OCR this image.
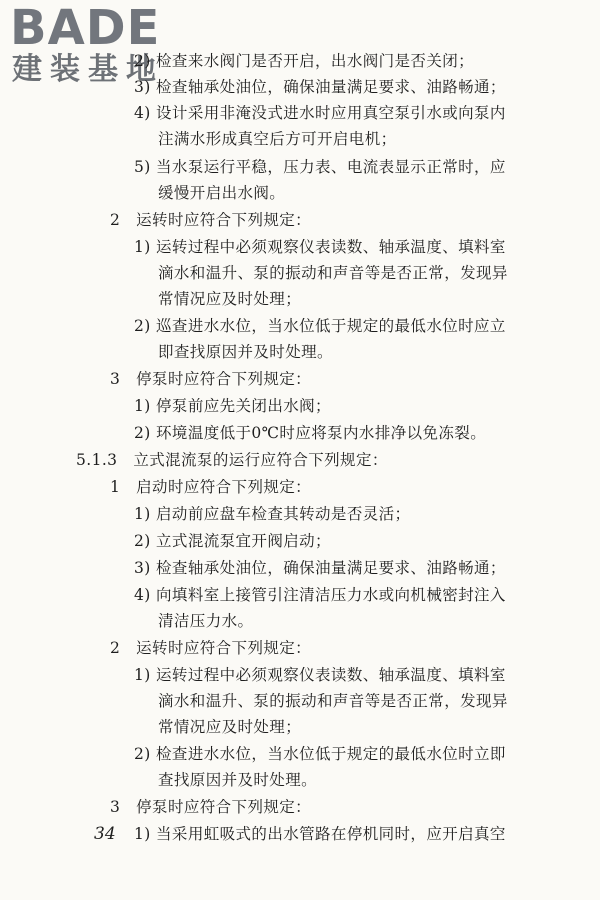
BADE
建装基地

2) 检查来水阀门是否开启，出水阀门是否关闭；

3) 检查轴承处油位，确保油量满足要求、油路畅通；

4) 设计采用非淹没式进水时应用真空泵引水或向泵内

注满水形成真空后方可开启电机；

5) 当水泵运行平稳，压力表、电流表显示正常时，应

缓慢开启出水阀。

2　运转时应符合下列规定：

1) 运转过程中必须观察仪表读数、轴承温度、填料室

滴水和温升、泵的振动和声音等是否正常，发现异

常情况应及时处理；

2) 巡查进水水位，当水位低于规定的最低水位时应立

即查找原因并及时处理。

3　停泵时应符合下列规定：

1) 停泵前应先关闭出水阀；

2) 环境温度低于0℃时应将泵内水排净以免冻裂。

5.1.3　立式混流泵的运行应符合下列规定：

1　启动时应符合下列规定：

1) 启动前应盘车检查其转动是否灵活；

2) 立式混流泵宜开阀启动；

3) 检查轴承处油位，确保油量满足要求、油路畅通；

4) 向填料室上接管引注清洁压力水或向机械密封注入

清洁压力水。

2　运转时应符合下列规定：

1) 运转过程中必须观察仪表读数、轴承温度、填料室

滴水和温升、泵的振动和声音等是否正常，发现异

常情况应及时处理；

2) 检查进水水位，当水位低于规定的最低水位时立即

查找原因并及时处理。

3　停泵时应符合下列规定：

1) 当采用虹吸式的出水管路在停机同时，应开启真空

34
